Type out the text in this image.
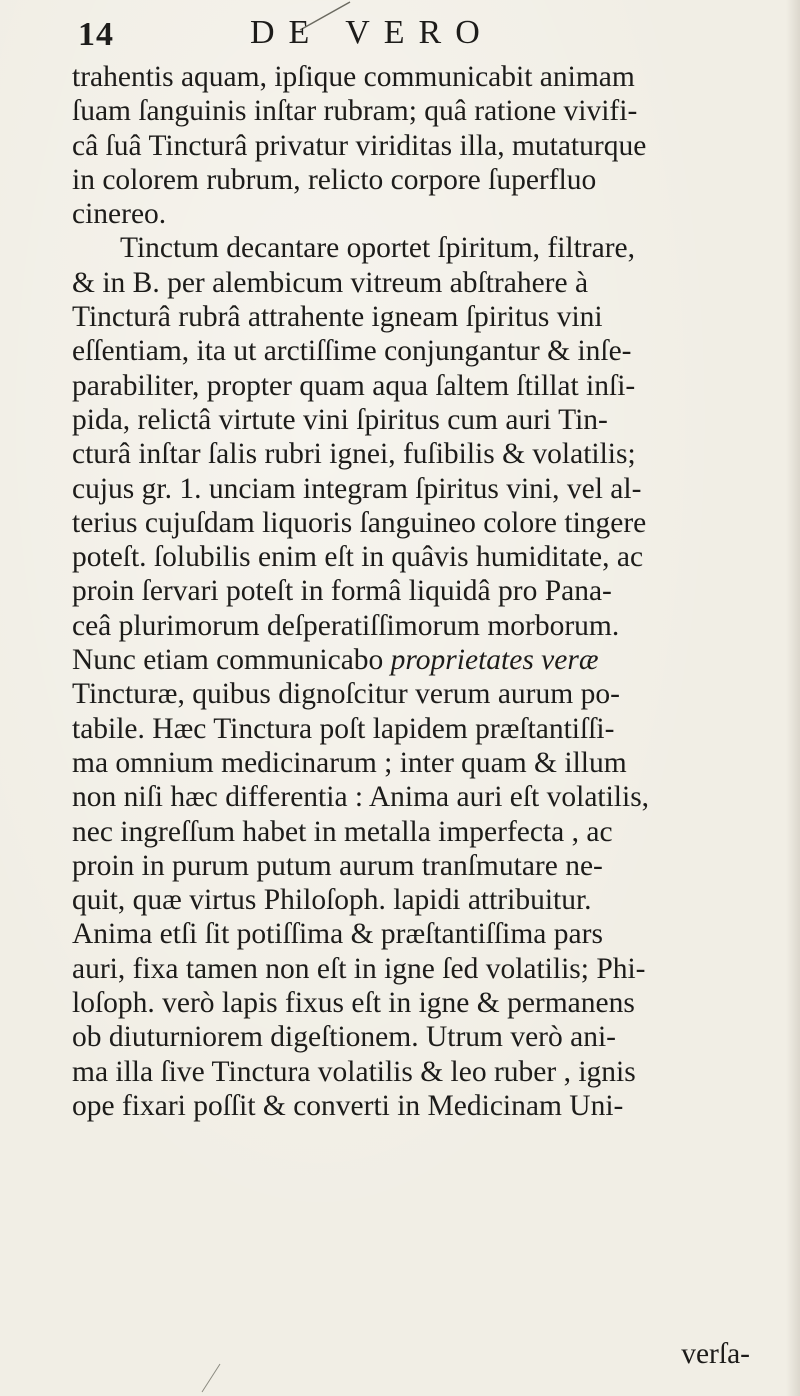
14	DE VERO
trahentis aquam, ipſique communicabit animam
ſuam ſanguinis inſtar rubram; quâ ratione vivifi-
câ ſuâ Tincturâ privatur viriditas illa, mutaturque
in colorem rubrum, relicto corpore ſuperfluo
cinereo.
Tinctum decantare oportet ſpiritum, filtrare,
& in B. per alembicum vitreum abſtrahere à
Tincturâ rubrâ attrahente igneam ſpiritus vini
eſſentiam, ita ut arctiſſime conjungantur & inſe-
parabiliter, propter quam aqua ſaltem ſtillat inſi-
pida, relictâ virtute vini ſpiritus cum auri Tin-
cturâ inſtar ſalis rubri ignei, fuſibilis & volatilis;
cujus gr. 1. unciam integram ſpiritus vini, vel al-
terius cujuſdam liquoris ſanguineo colore tingere
poteſt. ſolubilis enim eſt in quâvis humiditate, ac
proin ſervari poteſt in formâ liquidâ pro Pana-
ceâ plurimorum deſperatiſſimorum morborum.
Nunc etiam communicabo proprietates veræ
Tincturæ, quibus dignoſcitur verum aurum po-
tabile. Hæc Tinctura poſt lapidem præſtantiſſi-
ma omnium medicinarum ; inter quam & illum
non niſi hæc differentia : Anima auri eſt volatilis,
nec ingreſſum habet in metalla imperfecta , ac
proin in purum putum aurum tranſmutare ne-
quit, quæ virtus Philoſoph. lapidi attribuitur.
Anima etſi ſit potiſſima & præſtantiſſima pars
auri, fixa tamen non eſt in igne ſed volatilis; Phi-
loſoph. verò lapis fixus eſt in igne & permanens
ob diuturniorem digeſtionem. Utrum verò ani-
ma illa ſive Tinctura volatilis & leo ruber , ignis
ope fixari poſſit & converti in Medicinam Uni-
verſa-
